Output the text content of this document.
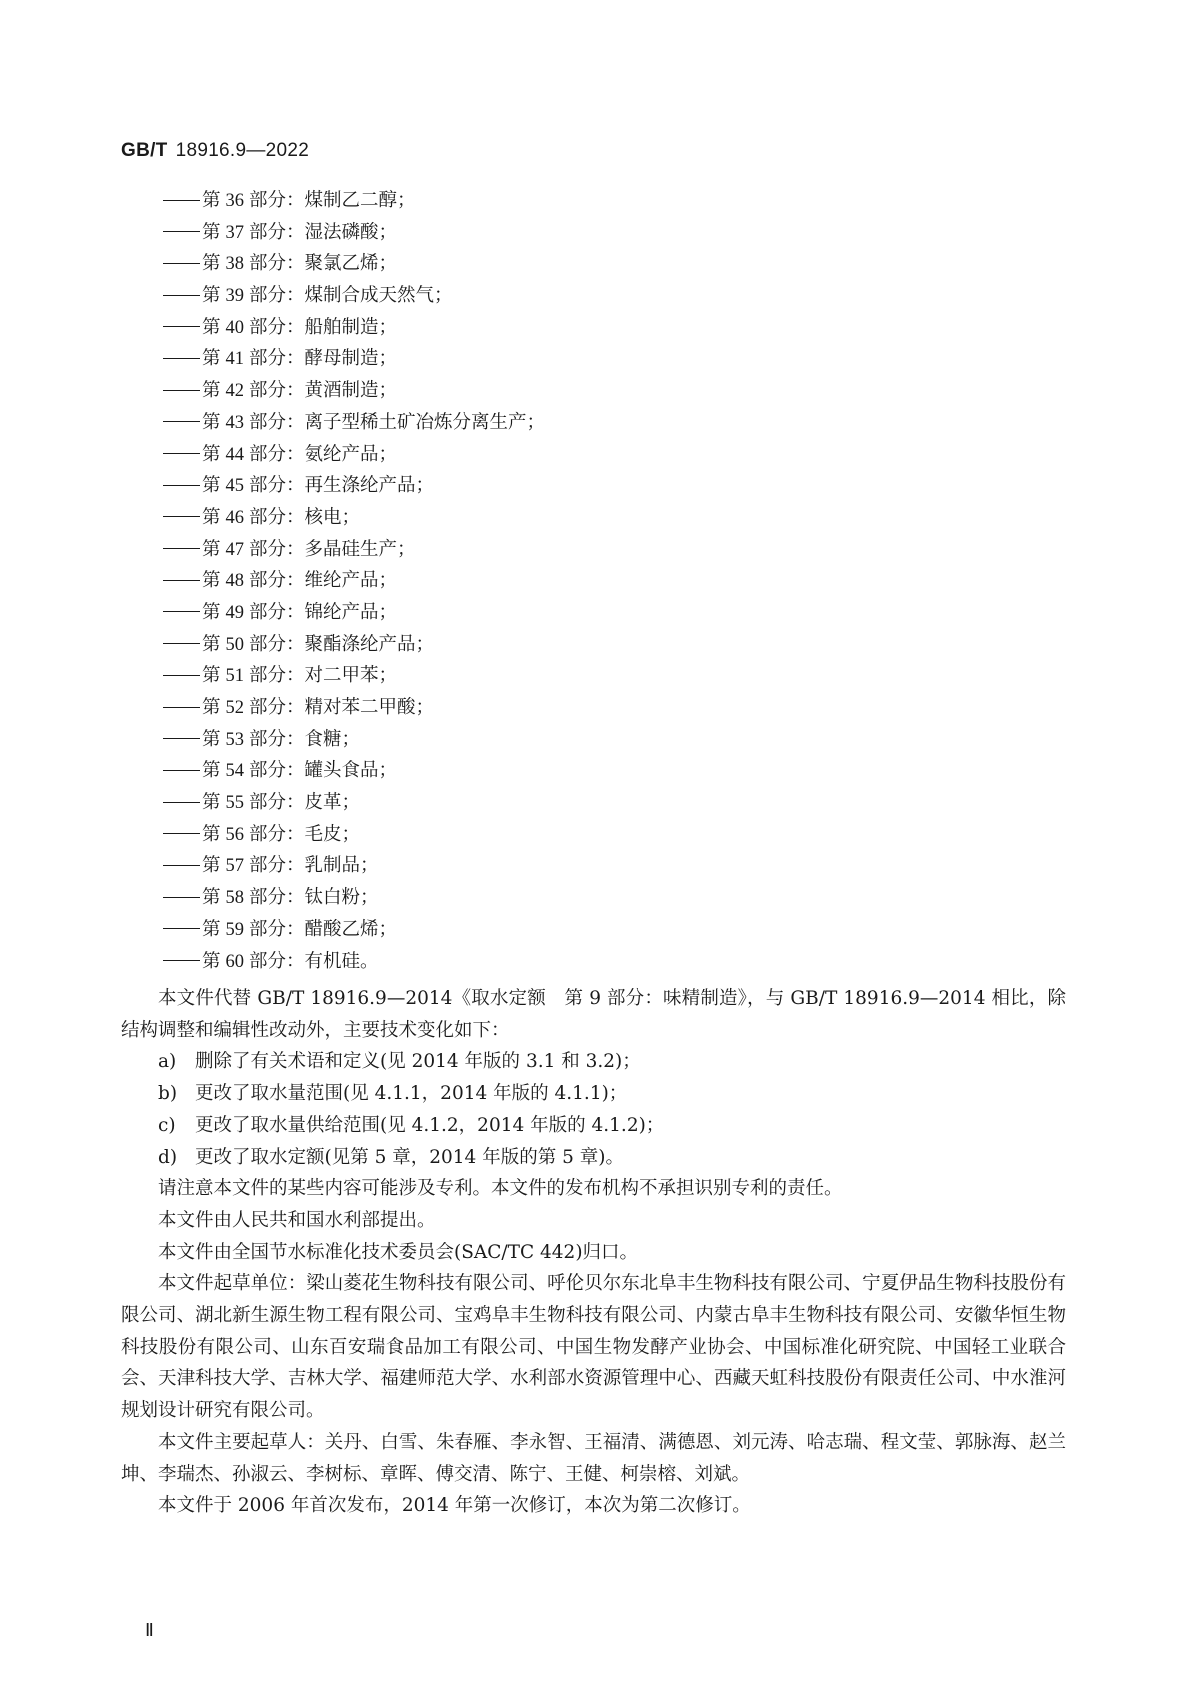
GB/T 18916.9—2022
第 36 部分：煤制乙二醇；
第 37 部分：湿法磷酸；
第 38 部分：聚氯乙烯；
第 39 部分：煤制合成天然气；
第 40 部分：船舶制造；
第 41 部分：酵母制造；
第 42 部分：黄酒制造；
第 43 部分：离子型稀土矿冶炼分离生产；
第 44 部分：氨纶产品；
第 45 部分：再生涤纶产品；
第 46 部分：核电；
第 47 部分：多晶硅生产；
第 48 部分：维纶产品；
第 49 部分：锦纶产品；
第 50 部分：聚酯涤纶产品；
第 51 部分：对二甲苯；
第 52 部分：精对苯二甲酸；
第 53 部分：食糖；
第 54 部分：罐头食品；
第 55 部分：皮革；
第 56 部分：毛皮；
第 57 部分：乳制品；
第 58 部分：钛白粉；
第 59 部分：醋酸乙烯；
第 60 部分：有机硅。

本文件代替 GB/T 18916.9—2014《取水定额　第 9 部分：味精制造》，与 GB/T 18916.9—2014 相比，除结构调整和编辑性改动外，主要技术变化如下：

a) 删除了有关术语和定义(见 2014 年版的 3.1 和 3.2)；

b) 更改了取水量范围(见 4.1.1，2014 年版的 4.1.1)；

c) 更改了取水量供给范围(见 4.1.2，2014 年版的 4.1.2)；

d) 更改了取水定额(见第 5 章，2014 年版的第 5 章)。

请注意本文件的某些内容可能涉及专利。本文件的发布机构不承担识别专利的责任。

本文件由人民共和国水利部提出。

本文件由全国节水标准化技术委员会(SAC/TC 442)归口。

本文件起草单位：梁山菱花生物科技有限公司、呼伦贝尔东北阜丰生物科技有限公司、宁夏伊品生物科技股份有限公司、湖北新生源生物工程有限公司、宝鸡阜丰生物科技有限公司、内蒙古阜丰生物科技有限公司、安徽华恒生物科技股份有限公司、山东百安瑞食品加工有限公司、中国生物发酵产业协会、中国标准化研究院、中国轻工业联合会、天津科技大学、吉林大学、福建师范大学、水利部水资源管理中心、西藏天虹科技股份有限责任公司、中水淮河规划设计研究有限公司。

本文件主要起草人：关丹、白雪、朱春雁、李永智、王福清、满德恩、刘元涛、哈志瑞、程文莹、郭脉海、赵兰坤、李瑞杰、孙淑云、李树标、章晖、傅交清、陈宁、王健、柯崇榕、刘斌。

本文件于 2006 年首次发布，2014 年第一次修订，本次为第二次修订。

Ⅱ
